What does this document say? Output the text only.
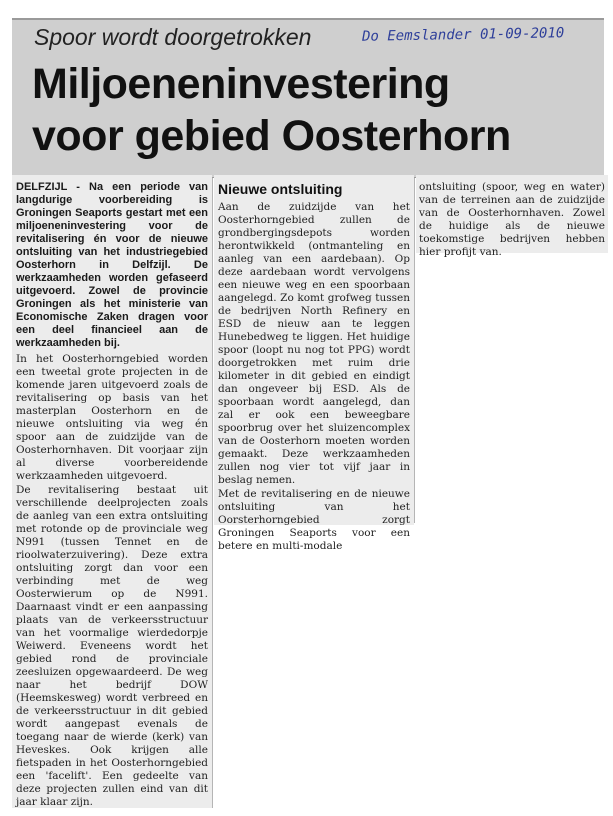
Spoor wordt doorgetrokken	Do Eemslander 01-09-2010
Miljoeneninvestering
voor gebied Oosterhorn

DELFZIJL - Na een periode van langdurige voorbereiding is Groningen Seaports gestart met een miljoeneninvestering voor de revitalisering én voor de nieuwe ontsluiting van het industriegebied Oosterhorn in Delfzijl. De werkzaamheden worden gefaseerd uitgevoerd. Zowel de provincie Groningen als het ministerie van Economische Zaken dragen voor een deel financieel aan de werkzaamheden bij.

In het Oosterhorngebied worden een tweetal grote projecten in de komende jaren uitgevoerd zoals de revitalisering op basis van het masterplan Oosterhorn en de nieuwe ontsluiting via weg én spoor aan de zuidzijde van de Oosterhornhaven. Dit voorjaar zijn al diverse voorbereidende werkzaamheden uitgevoerd.

De revitalisering bestaat uit verschillende deelprojecten zoals de aanleg van een extra ontsluiting met rotonde op de provinciale weg N991 (tussen Tennet en de rioolwaterzuivering). Deze extra ontsluiting zorgt dan voor een verbinding met de weg Oosterwierum op de N991. Daarnaast vindt er een aanpassing plaats van de verkeersstructuur van het voormalige wierdedorpje Weiwerd. Eveneens wordt het gebied rond de provinciale zeesluizen opgewaardeerd. De weg naar het bedrijf DOW (Heemskesweg) wordt verbreed en de verkeersstructuur in dit gebied wordt aangepast evenals de toegang naar de wierde (kerk) van Heveskes. Ook krijgen alle fietspaden in het Oosterhorngebied een 'facelift'. Een gedeelte van deze projecten zullen eind van dit jaar klaar zijn.

Nieuwe ontsluiting

Aan de zuidzijde van het Oosterhorngebied zullen de grondbergingsdepots worden herontwikkeld (ontmanteling en aanleg van een aardebaan). Op deze aardebaan wordt vervolgens een nieuwe weg en een spoorbaan aangelegd. Zo komt grofweg tussen de bedrijven North Refinery en ESD de nieuw aan te leggen Hunebedweg te liggen. Het huidige spoor (loopt nu nog tot PPG) wordt doorgetrokken met ruim drie kilometer in dit gebied en eindigt dan ongeveer bij ESD. Als de spoorbaan wordt aangelegd, dan zal er ook een beweegbare spoorbrug over het sluizencomplex van de Oosterhorn moeten worden gemaakt. Deze werkzaamheden zullen nog vier tot vijf jaar in beslag nemen.

Met de revitalisering en de nieuwe ontsluiting van het Oorsterhorngebied zorgt Groningen Seaports voor een betere en multi-modale

ontsluiting (spoor, weg en water) van de terreinen aan de zuidzijde van de Oosterhornhaven. Zowel de huidige als de nieuwe toekomstige bedrijven hebben hier profijt van.
